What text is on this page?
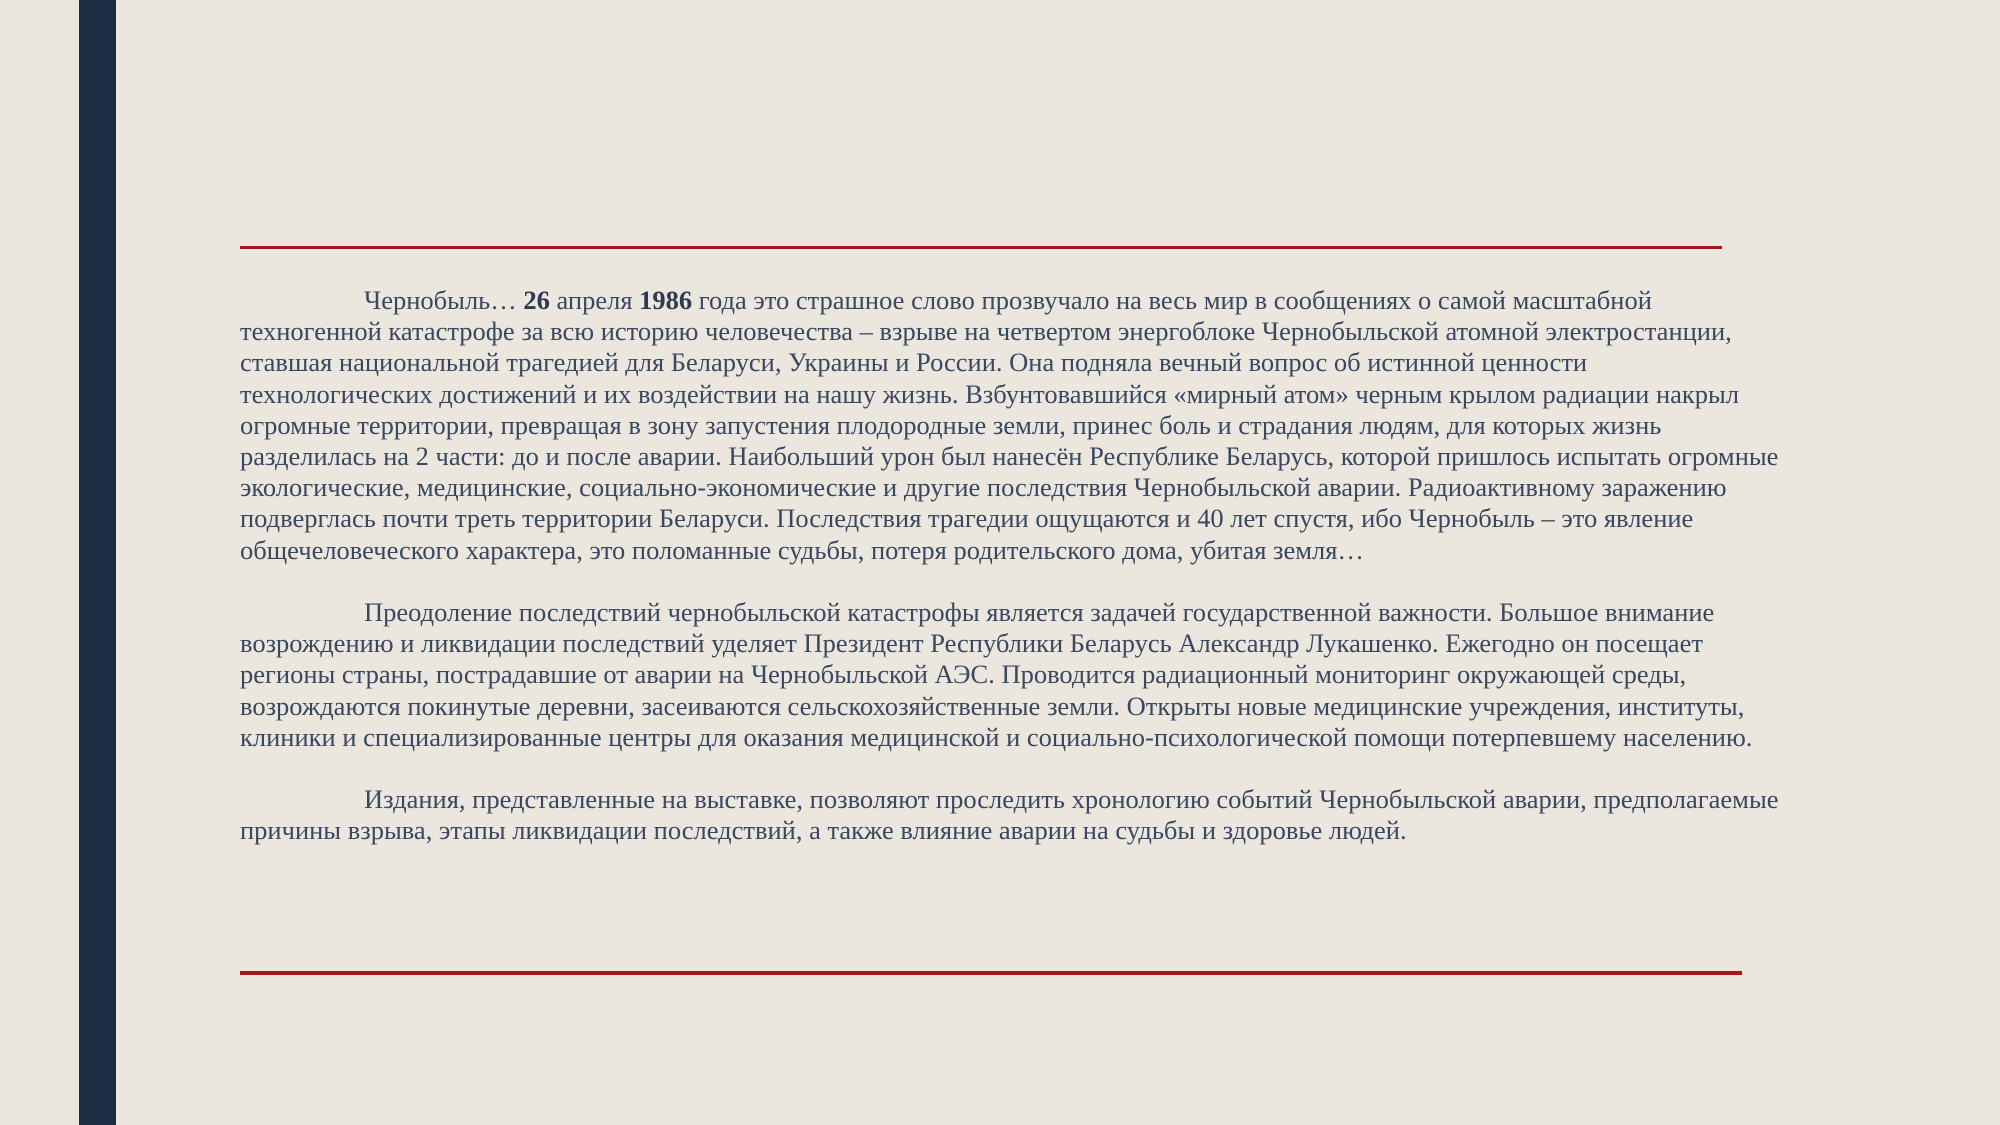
Чернобыль… 26 апреля 1986 года это страшное слово прозвучало на весь мир в сообщениях о самой масштабной техногенной катастрофе за всю историю человечества – взрыве на четвертом энергоблоке Чернобыльской атомной электростанции, ставшая национальной трагедией для Беларуси, Украины и России. Она подняла вечный вопрос об истинной ценности технологических достижений и их воздействии на нашу жизнь. Взбунтовавшийся «мирный атом» черным крылом радиации накрыл огромные территории, превращая в зону запустения плодородные земли, принес боль и страдания людям, для которых жизнь разделилась на 2 части: до и после аварии. Наибольший урон был нанесён Республике Беларусь, которой пришлось испытать огромные экологические, медицинские, социально-экономические и другие последствия Чернобыльской аварии. Радиоактивному заражению подверглась почти треть территории Беларуси. Последствия трагедии ощущаются и 40 лет спустя, ибо Чернобыль – это явление общечеловеческого характера, это поломанные судьбы, потеря родительского дома, убитая земля…

Преодоление последствий чернобыльской катастрофы является задачей государственной важности. Большое внимание возрождению и ликвидации последствий уделяет Президент Республики Беларусь Александр Лукашенко. Ежегодно он посещает регионы страны, пострадавшие от аварии на Чернобыльской АЭС. Проводится радиационный мониторинг окружающей среды, возрождаются покинутые деревни, засеиваются сельскохозяйственные земли. Открыты новые медицинские учреждения, институты, клиники и специализированные центры для оказания медицинской и социально-психологической помощи потерпевшему населению.

Издания, представленные на выставке, позволяют проследить хронологию событий Чернобыльской аварии, предполагаемые причины взрыва, этапы ликвидации последствий, а также влияние аварии на судьбы и здоровье людей.
